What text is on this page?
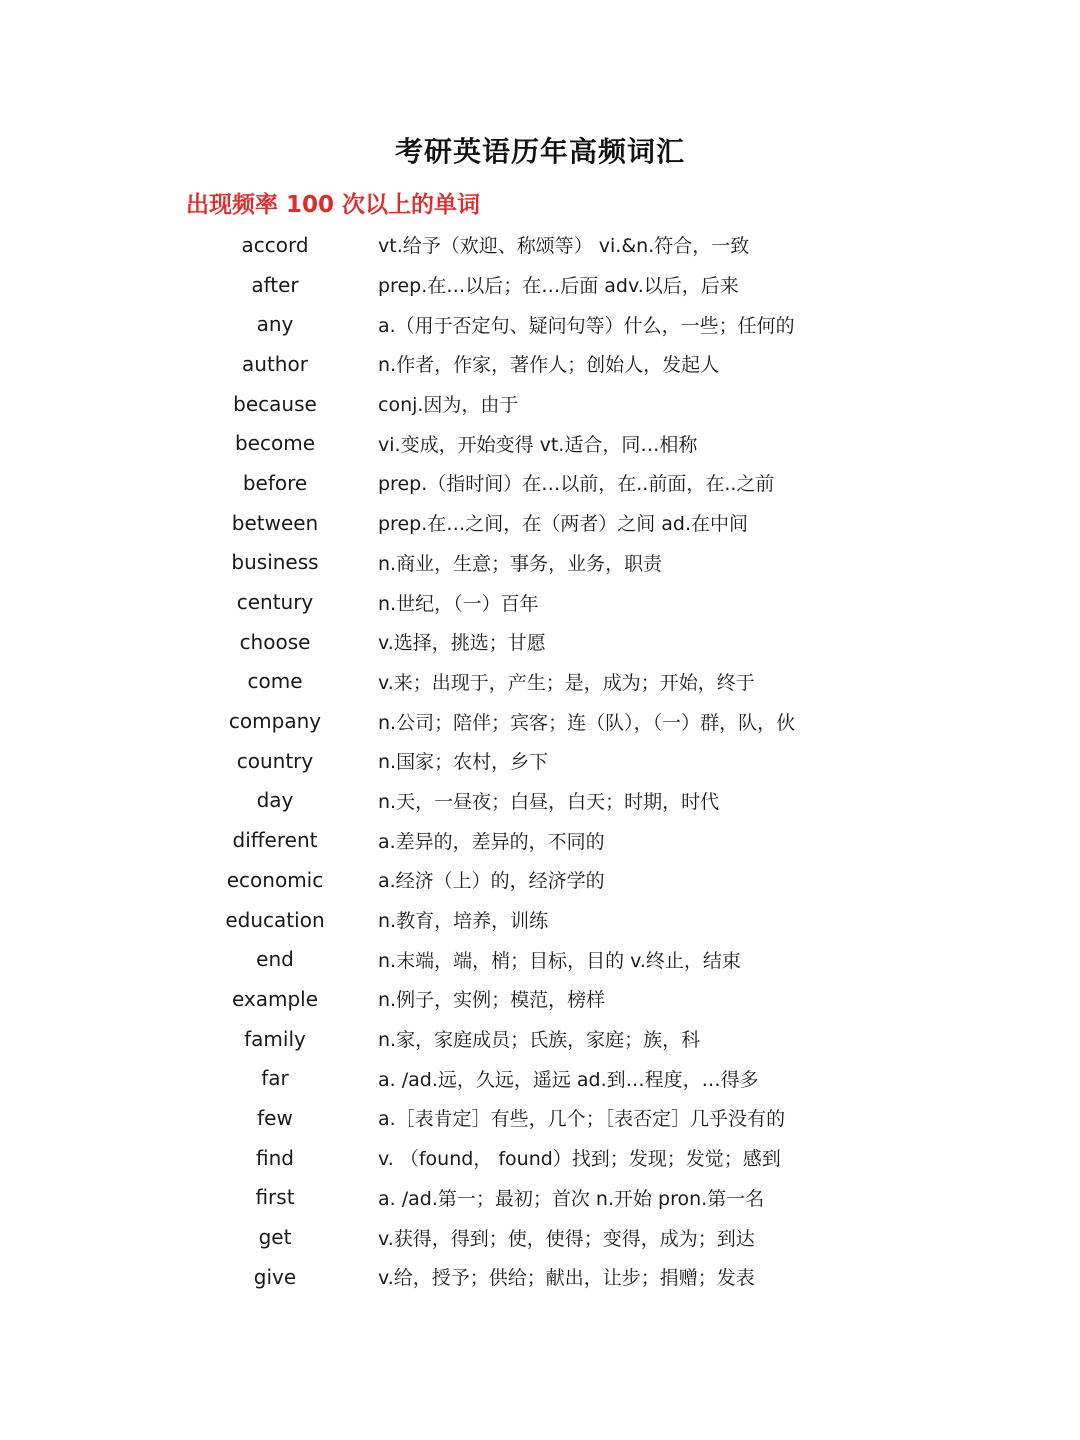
考研英语历年高频词汇
出现频率 100 次以上的单词
accord	vt.给予（欢迎、称颂等） vi.&n.符合，一致
after	prep.在…以后；在…后面 adv.以后，后来
any	a.（用于否定句、疑问句等）什么，一些；任何的
author	n.作者，作家，著作人；创始人，发起人
because	conj.因为，由于
become	vi.变成，开始变得 vt.适合，同…相称
before	prep.（指时间）在…以前，在..前面，在..之前
between	prep.在…之间，在（两者）之间 ad.在中间
business	n.商业，生意；事务，业务，职责
century	n.世纪，（一）百年
choose	v.选择，挑选；甘愿
come	v.来；出现于，产生；是，成为；开始，终于
company	n.公司；陪伴；宾客；连（队），（一）群，队，伙
country	n.国家；农村，乡下
day	n.天，一昼夜；白昼，白天；时期，时代
different	a.差异的，差异的，不同的
economic	a.经济（上）的，经济学的
education	n.教育，培养，训练
end	n.末端，端，梢；目标，目的 v.终止，结束
example	n.例子，实例；模范，榜样
family	n.家，家庭成员；氏族，家庭；族，科
far	a. /ad.远，久远，遥远 ad.到…程度，…得多
few	a.［表肯定］有些，几个；［表否定］几乎没有的
find	v. （found， found）找到；发现；发觉；感到
first	a. /ad.第一；最初；首次 n.开始 pron.第一名
get	v.获得，得到；使，使得；变得，成为；到达
give	v.给，授予；供给；献出，让步；捐赠；发表
